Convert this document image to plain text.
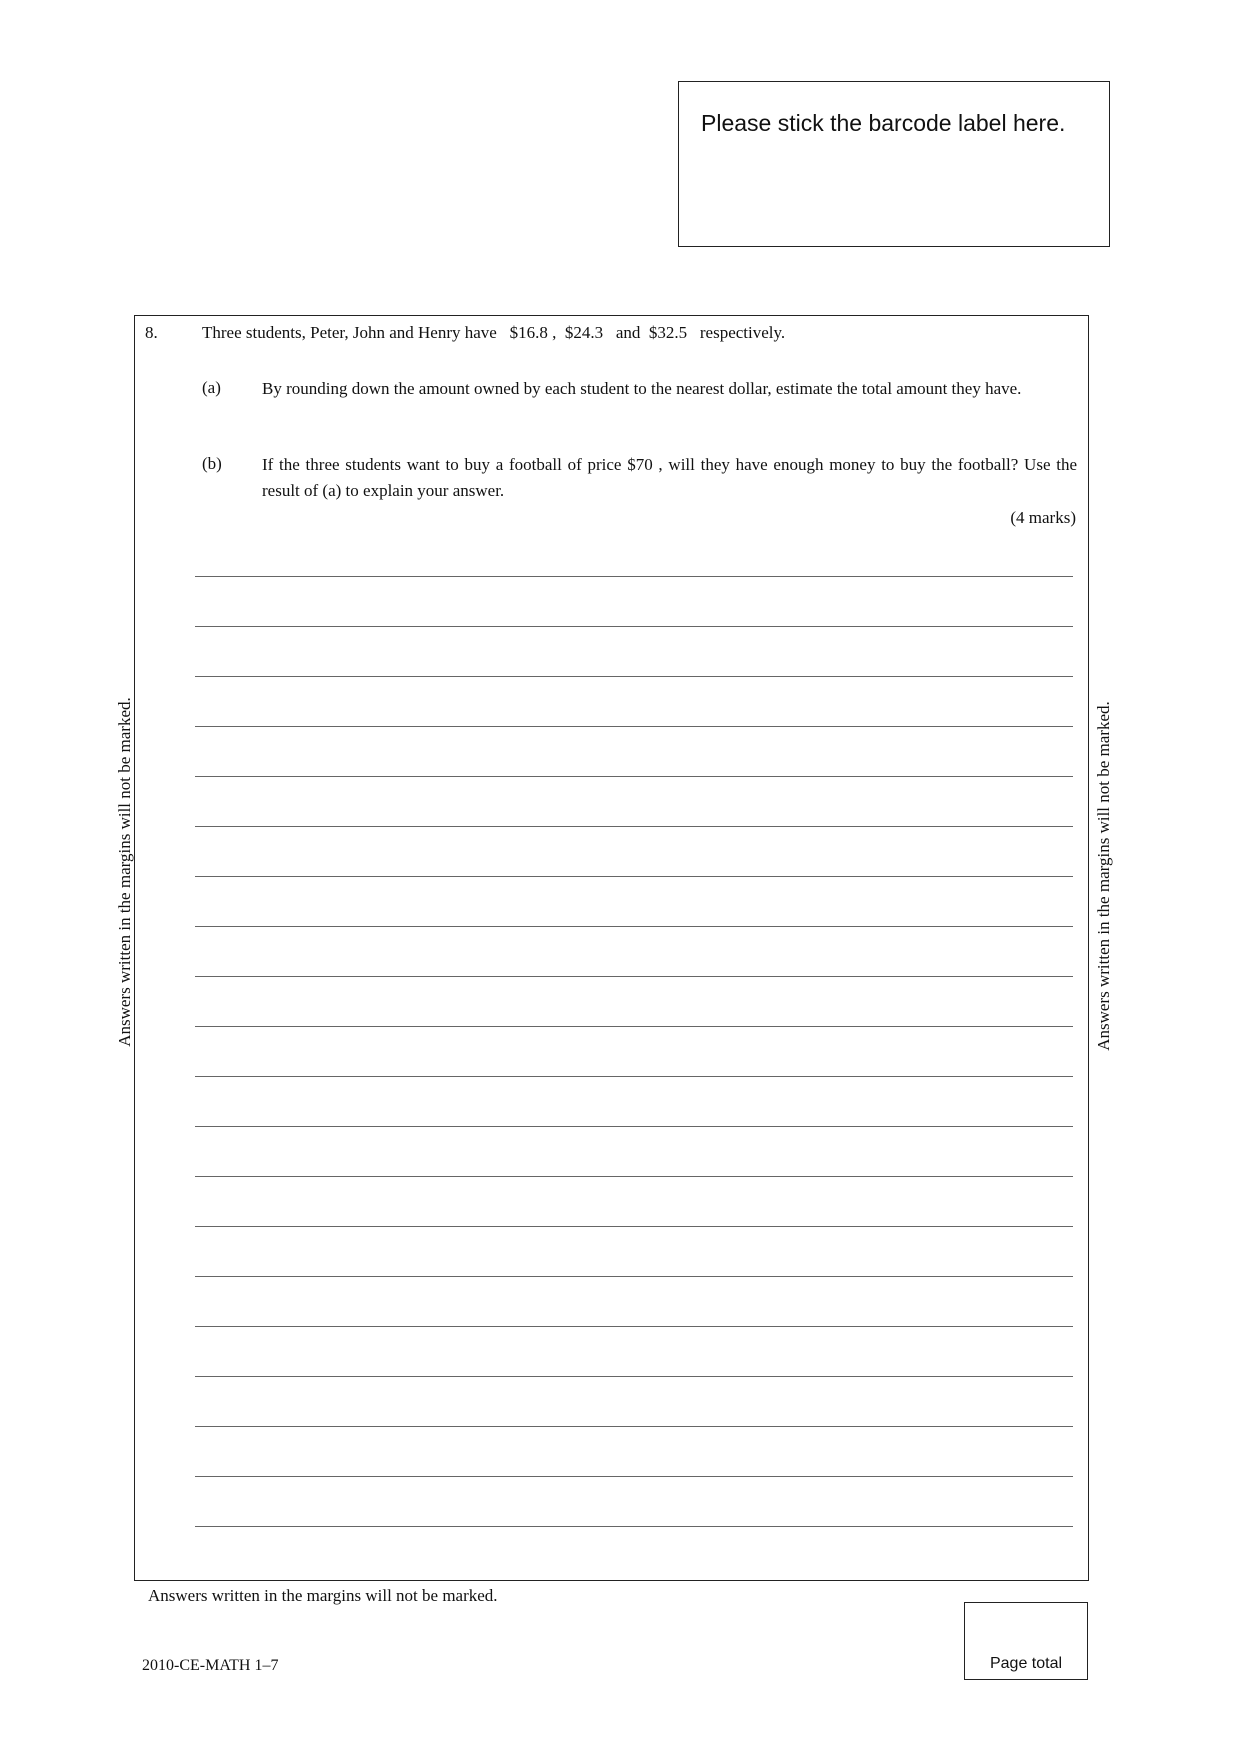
Please stick the barcode label here.
8.	Three students, Peter, John and Henry have   $16.8 ,  $24.3   and  $32.5   respectively.
(a) By rounding down the amount owned by each student to the nearest dollar, estimate the total amount they have.
(b) If the three students want to buy a football of price $70 , will they have enough money to buy the football? Use the result of (a) to explain your answer.
(4 marks)
Answers written in the margins will not be marked.	Answers written in the margins will not be marked.
Answers written in the margins will not be marked.
2010-CE-MATH 1–7	Page total
